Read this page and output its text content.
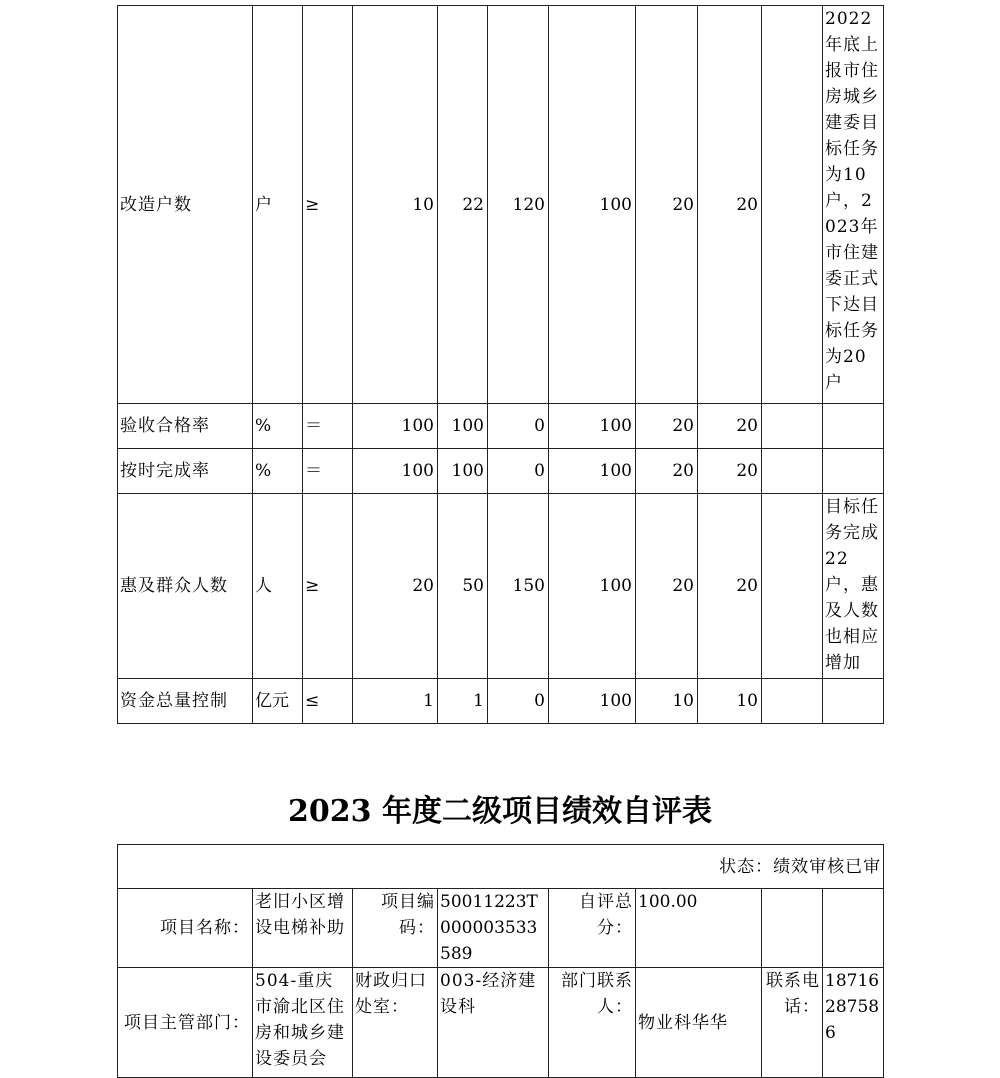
改造户数	户	≥	10	22	120	100	20	20		2022年底上报市住房城乡建委目标任务为10户，2023年市住建委正式下达目标任务为20户
验收合格率	%	＝	100	100	0	100	20	20		
按时完成率	%	＝	100	100	0	100	20	20		
惠及群众人数	人	≥	20	50	150	100	20	20		目标任务完成22户，惠及人数也相应增加
资金总量控制	亿元	≤	1	1	0	100	10	10		
2023 年度二级项目绩效自评表
状态：绩效审核已审							
项目名称：	老旧小区增设电梯补助	项目编码：	50011223T000003533589	自评总分：	100.00		
项目主管部门：	504-重庆市渝北区住房和城乡建设委员会	财政归口处室：	003-经济建设科	部门联系人：	物业科华华	联系电话：	18716287586
